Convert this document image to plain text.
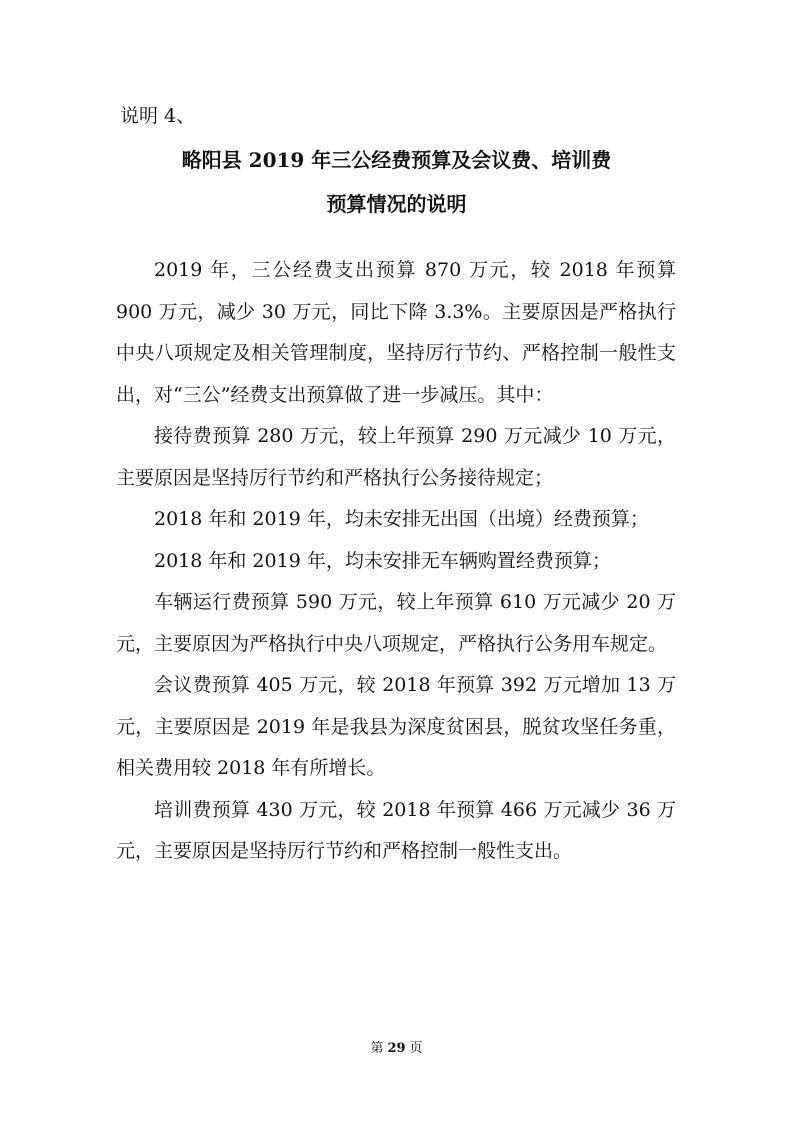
说明 4、
略阳县 2019 年三公经费预算及会议费、培训费
预算情况的说明

2019 年，三公经费支出预算 870 万元，较 2018 年预算 900 万元，减少 30 万元，同比下降 3.3%。主要原因是严格执行中央八项规定及相关管理制度，坚持厉行节约、严格控制一般性支出，对“三公”经费支出预算做了进一步减压。其中：

接待费预算 280 万元，较上年预算 290 万元减少 10 万元，主要原因是坚持厉行节约和严格执行公务接待规定；

2018 年和 2019 年，均未安排无出国（出境）经费预算；

2018 年和 2019 年，均未安排无车辆购置经费预算；

车辆运行费预算 590 万元，较上年预算 610 万元减少 20 万元，主要原因为严格执行中央八项规定，严格执行公务用车规定。

会议费预算 405 万元，较 2018 年预算 392 万元增加 13 万元，主要原因是 2019 年是我县为深度贫困县，脱贫攻坚任务重，相关费用较 2018 年有所增长。

培训费预算 430 万元，较 2018 年预算 466 万元减少 36 万元，主要原因是坚持厉行节约和严格控制一般性支出。

第 29 页
